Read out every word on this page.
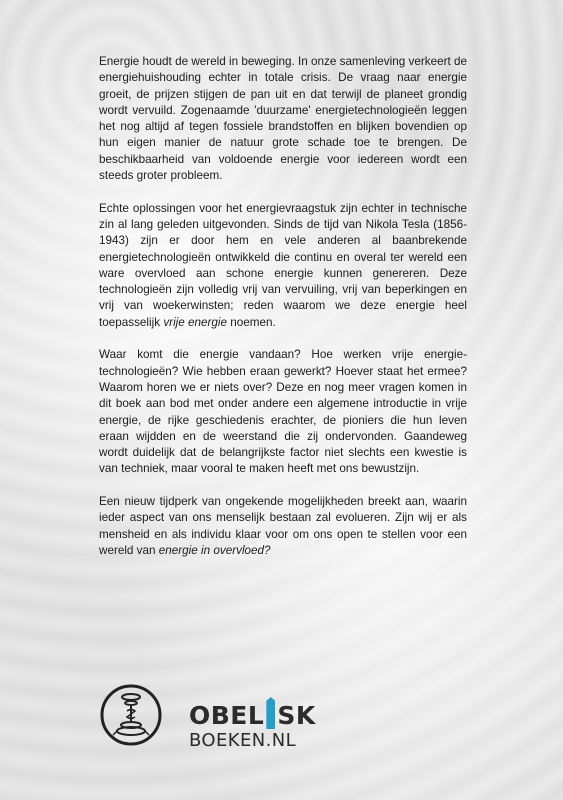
Energie houdt de wereld in beweging. In onze samenleving verkeert de energiehuishouding echter in totale crisis. De vraag naar energie groeit, de prijzen stijgen de pan uit en dat terwijl de planeet grondig wordt vervuild. Zogenaamde 'duurzame' energietechnologieën leggen het nog altijd af tegen fossiele brandstoffen en blijken bovendien op hun eigen manier de natuur grote schade toe te brengen. De beschikbaarheid van voldoende energie voor iedereen wordt een steeds groter probleem.

Echte oplossingen voor het energievraagstuk zijn echter in technische zin al lang geleden uitgevonden. Sinds de tijd van Nikola Tesla (1856-1943) zijn er door hem en vele anderen al baanbrekende energietechnologieën ontwikkeld die continu en overal ter wereld een ware overvloed aan schone energie kunnen genereren. Deze technologieën zijn volledig vrij van vervuiling, vrij van beperkingen en vrij van woekerwinsten; reden waarom we deze energie heel toepasselijk vrije energie noemen.

Waar komt die energie vandaan? Hoe werken vrije energie-technologieën? Wie hebben eraan gewerkt? Hoever staat het ermee? Waarom horen we er niets over? Deze en nog meer vragen komen in dit boek aan bod met onder andere een algemene introductie in vrije energie, de rijke geschiedenis erachter, de pioniers die hun leven eraan wijdden en de weerstand die zij ondervonden. Gaandeweg wordt duidelijk dat de belangrijkste factor niet slechts een kwestie is van techniek, maar vooral te maken heeft met ons bewustzijn.

Een nieuw tijdperk van ongekende mogelijkheden breekt aan, waarin ieder aspect van ons menselijk bestaan zal evolueren. Zijn wij er als mensheid en als individu klaar voor om ons open te stellen voor een wereld van energie in overvloed?

OBEL SK
BOEKEN.NL
